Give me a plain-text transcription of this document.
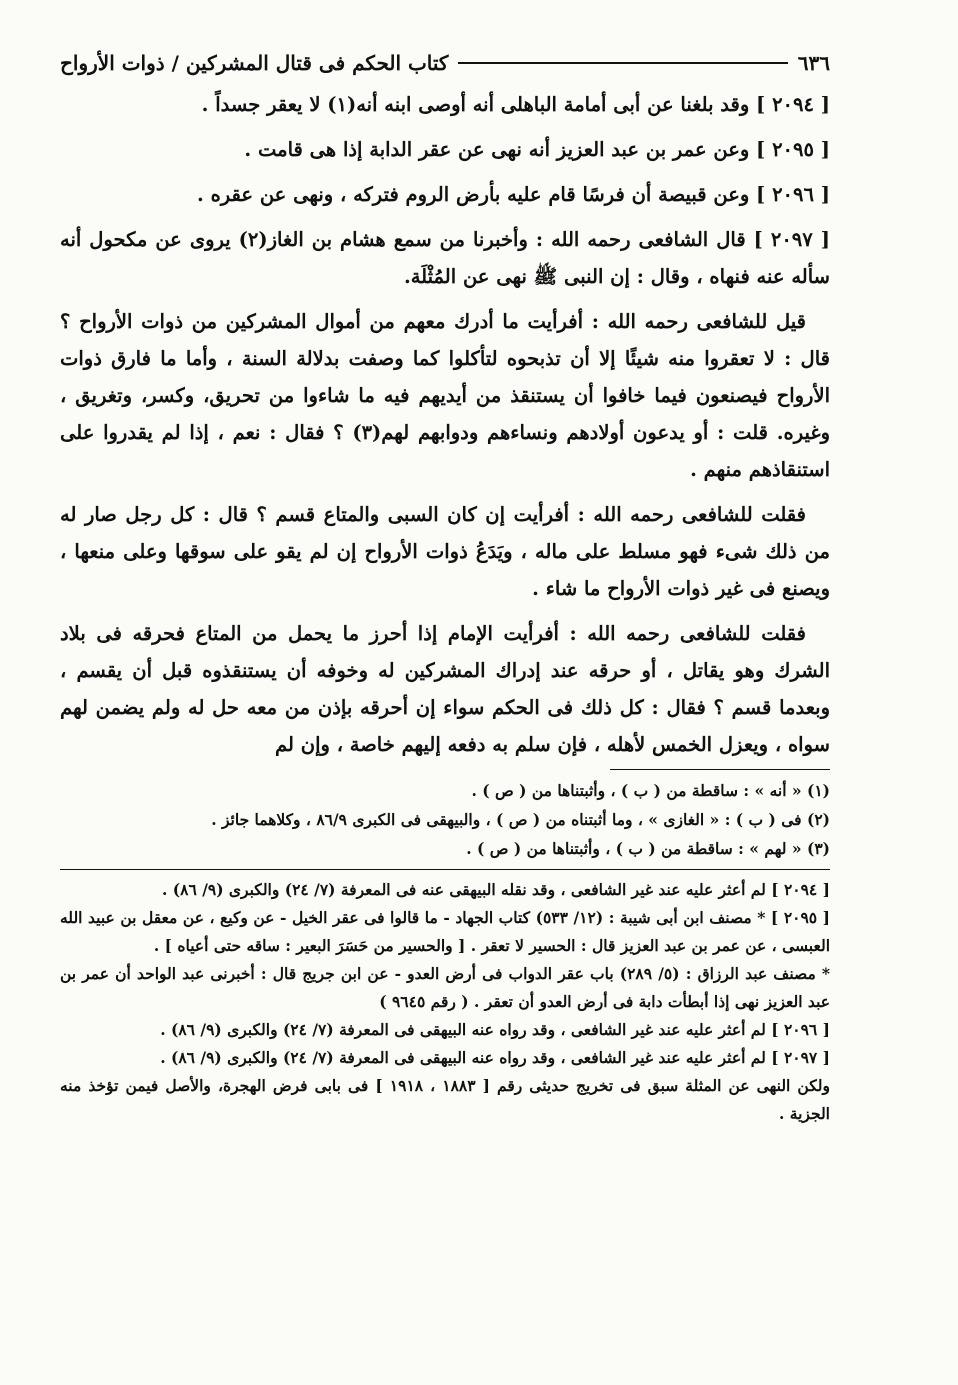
٦٣٦
كتاب الحكم فى قتال المشركين / ذوات الأرواح

[ ٢٠٩٤ ] وقد بلغنا عن أبى أمامة الباهلى أنه أوصى ابنه أنه(١) لا يعقر جسداً .

[ ٢٠٩٥ ] وعن عمر بن عبد العزيز أنه نهى عن عقر الدابة إذا هى قامت .

[ ٢٠٩٦ ] وعن قبيصة أن فرسًا قام عليه بأرض الروم فتركه ، ونهى عن عقره .

[ ٢٠٩٧ ] قال الشافعى رحمه الله : وأخبرنا من سمع هشام بن الغاز(٢) يروى عن مكحول أنه سأله عنه فنهاه ، وقال : إن النبى ﷺ نهى عن المُثْلَة.

قيل للشافعى رحمه الله : أفرأيت ما أدرك معهم من أموال المشركين من ذوات الأرواح ؟ قال : لا تعقروا منه شيئًا إلا أن تذبحوه لتأكلوا كما وصفت بدلالة السنة ، وأما ما فارق ذوات الأرواح فيصنعون فيما خافوا أن يستنقذ من أيديهم فيه ما شاءوا من تحريق، وكسر، وتغريق ، وغيره. قلت : أو يدعون أولادهم ونساءهم ودوابهم لهم(٣) ؟ فقال : نعم ، إذا لم يقدروا على استنقاذهم منهم .

فقلت للشافعى رحمه الله : أفرأيت إن كان السبى والمتاع قسم ؟ قال : كل رجل صار له من ذلك شىء فهو مسلط على ماله ، ويَدَعُ ذوات الأرواح إن لم يقو على سوقها وعلى منعها ، ويصنع فى غير ذوات الأرواح ما شاء .

فقلت للشافعى رحمه الله : أفرأيت الإمام إذا أحرز ما يحمل من المتاع فحرقه فى بلاد الشرك وهو يقاتل ، أو حرقه عند إدراك المشركين له وخوفه أن يستنقذوه قبل أن يقسم ، وبعدما قسم ؟ فقال : كل ذلك فى الحكم سواء إن أحرقه بإذن من معه حل له ولم يضمن لهم سواه ، ويعزل الخمس لأهله ، فإن سلم به دفعه إليهم خاصة ، وإن لم

(١) « أنه » : ساقطة من ( ب ) ، وأثبتناها من ( ص ) .

(٢) فى ( ب ) : « الغازى » ، وما أثبتناه من ( ص ) ، والبيهقى فى الكبرى ٨٦/٩ ، وكلاهما جائز .

(٣) « لهم » : ساقطة من ( ب ) ، وأثبتناها من ( ص ) .

[ ٢٠٩٤ ] لم أعثر عليه عند غير الشافعى ، وقد نقله البيهقى عنه فى المعرفة (٧/ ٢٤) والكبرى (٩/ ٨٦) .

[ ٢٠٩٥ ] * مصنف ابن أبى شيبة : (١٢/ ٥٣٣) كتاب الجهاد - ما قالوا فى عقر الخيل - عن وكيع ، عن معقل بن عبيد الله العبسى ، عن عمر بن عبد العزيز قال : الحسير لا تعقر . [ والحسير من حَسَرَ البعير : ساقه حتى أعياه ] .

* مصنف عبد الرزاق : (٥/ ٢٨٩) باب عقر الدواب فى أرض العدو - عن ابن جريج قال : أخبرنى عبد الواحد أن عمر بن عبد العزيز نهى إذا أبطأت دابة فى أرض العدو أن تعقر . ( رقم ٩٦٤٥ )

[ ٢٠٩٦ ] لم أعثر عليه عند غير الشافعى ، وقد رواه عنه البيهقى فى المعرفة (٧/ ٢٤) والكبرى (٩/ ٨٦) .

[ ٢٠٩٧ ] لم أعثر عليه عند غير الشافعى ، وقد رواه عنه البيهقى فى المعرفة (٧/ ٢٤) والكبرى (٩/ ٨٦) .

ولكن النهى عن المثلة سبق فى تخريج حديثى رقم [ ١٨٨٣ ، ١٩١٨ ] فى بابى فرض الهجرة، والأصل فيمن تؤخذ منه الجزية .
